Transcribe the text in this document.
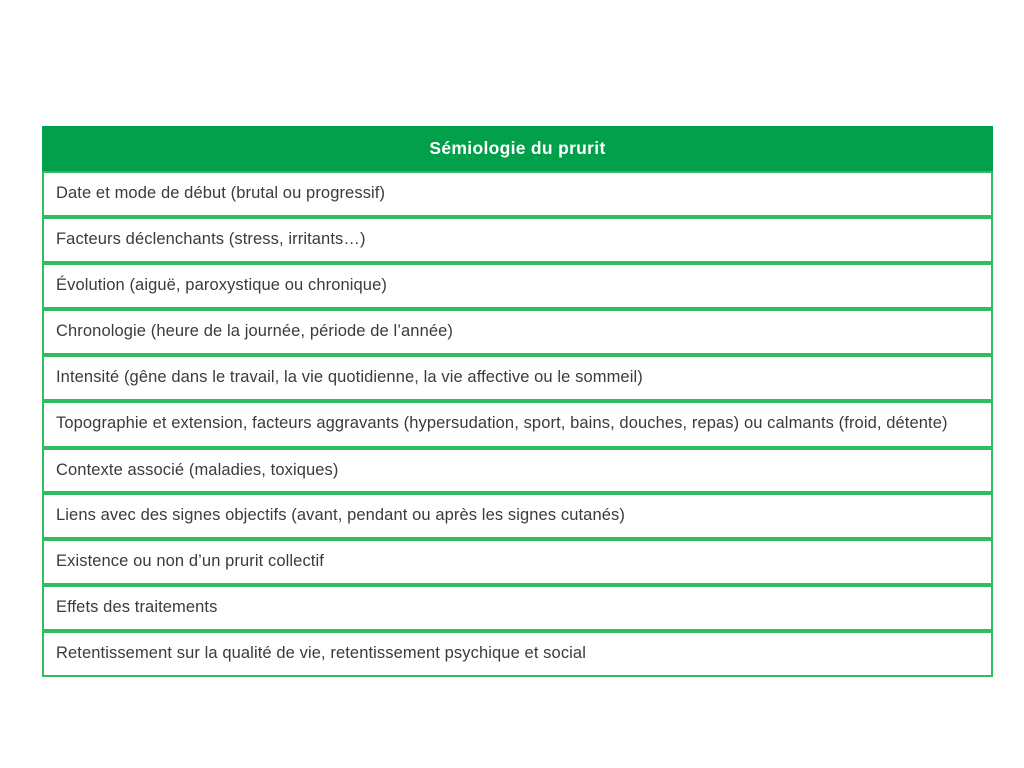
Sémiologie du prurit
Date et mode de début (brutal ou progressif)
Facteurs déclenchants (stress, irritants…)
Évolution (aiguë, paroxystique ou chronique)
Chronologie (heure de la journée, période de l’année)
Intensité (gêne dans le travail, la vie quotidienne, la vie affective ou le sommeil)
Topographie et extension, facteurs aggravants (hypersudation, sport, bains, douches, repas) ou calmants (froid, détente)
Contexte associé (maladies, toxiques)
Liens avec des signes objectifs (avant, pendant ou après les signes cutanés)
Existence ou non d’un prurit collectif
Effets des traitements
Retentissement sur la qualité de vie, retentissement psychique et social
